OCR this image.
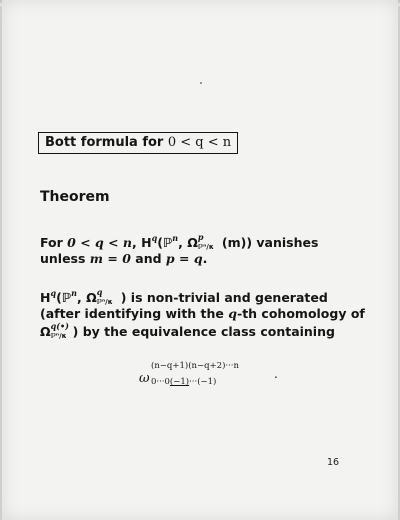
Bott formula for 0 < q < n
Theorem
For 0 < q < n, $H^q(ℙ^n$, Ω p
ℙⁿ/κ (m)) vanishes
unless m = 0 and p = q.
$H^q(ℙ^n$, Ω q
ℙⁿ/κ ) is non-trivial and generated
(after identifying with the q-th cohomology of
Ω q(•)
ℙⁿ/κ ) by the equivalence class containing
ω
(n−q+1)(n−q+2)···n
0···0(−1)···(−1)
.
16
